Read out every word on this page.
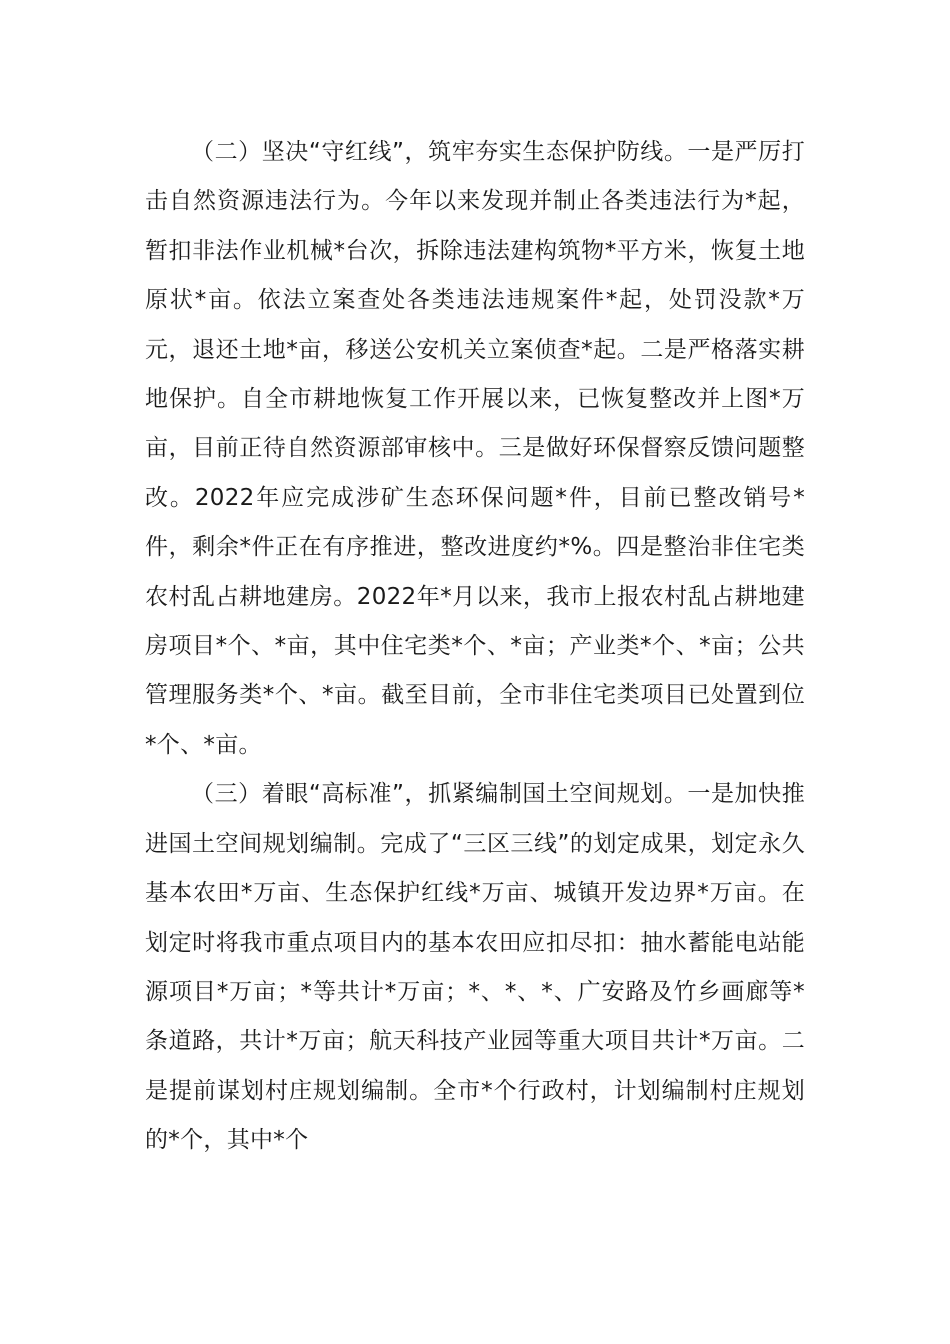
（二）坚决“守红线”，筑牢夯实生态保护防线。一是严厉打击自然资源违法行为。今年以来发现并制止各类违法行为*起，暂扣非法作业机械*台次，拆除违法建构筑物*平方米，恢复土地原状*亩。依法立案查处各类违法违规案件*起，处罚没款*万元，退还土地*亩，移送公安机关立案侦查*起。二是严格落实耕地保护。自全市耕地恢复工作开展以来，已恢复整改并上图*万亩，目前正待自然资源部审核中。三是做好环保督察反馈问题整改。2022年应完成涉矿生态环保问题*件，目前已整改销号*件，剩余*件正在有序推进，整改进度约*%。四是整治非住宅类农村乱占耕地建房。2022年*月以来，我市上报农村乱占耕地建房项目*个、*亩，其中住宅类*个、*亩；产业类*个、*亩；公共管理服务类*个、*亩。截至目前，全市非住宅类项目已处置到位*个、*亩。

（三）着眼“高标准”，抓紧编制国土空间规划。一是加快推进国土空间规划编制。完成了“三区三线”的划定成果，划定永久基本农田*万亩、生态保护红线*万亩、城镇开发边界*万亩。在划定时将我市重点项目内的基本农田应扣尽扣：抽水蓄能电站能源项目*万亩；*等共计*万亩；*、*、*、广安路及竹乡画廊等*条道路，共计*万亩；航天科技产业园等重大项目共计*万亩。二是提前谋划村庄规划编制。全市*个行政村，计划编制村庄规划的*个，其中*个
